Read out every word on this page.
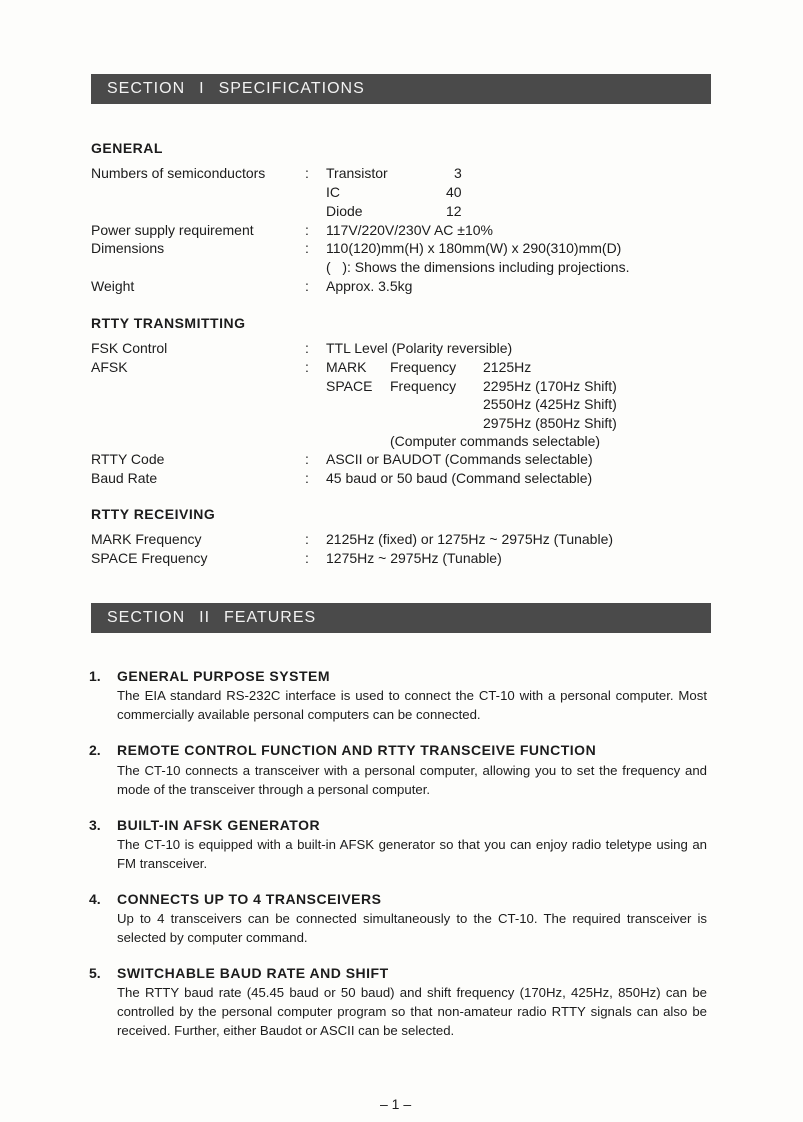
SECTION I SPECIFICATIONS
GENERAL
Numbers of semiconductors	: Transistor	3
IC	40
Diode	12
Power supply requirement	: 117V/220V/230V AC ±10%
Dimensions	: 110(120)mm(H) x 180mm(W) x 290(310)mm(D)
(   ): Shows the dimensions including projections.
Weight	: Approx. 3.5kg
RTTY TRANSMITTING
FSK Control	: TTL Level (Polarity reversible)
AFSK	: MARK Frequency 2125Hz
SPACE Frequency 2295Hz (170Hz Shift)
2550Hz (425Hz Shift)
2975Hz (850Hz Shift)
(Computer commands selectable)
RTTY Code	: ASCII or BAUDOT (Commands selectable)
Baud Rate	: 45 baud or 50 baud (Command selectable)
RTTY RECEIVING
MARK Frequency	: 2125Hz (fixed) or 1275Hz ~ 2975Hz (Tunable)
SPACE Frequency	: 1275Hz ~ 2975Hz (Tunable)
SECTION II FEATURES
1. GENERAL PURPOSE SYSTEM
The EIA standard RS-232C interface is used to connect the CT-10 with a personal computer. Most commercially available personal computers can be connected.
2. REMOTE CONTROL FUNCTION AND RTTY TRANSCEIVE FUNCTION
The CT-10 connects a transceiver with a personal computer, allowing you to set the frequency and mode of the transceiver through a personal computer.
3. BUILT-IN AFSK GENERATOR
The CT-10 is equipped with a built-in AFSK generator so that you can enjoy radio teletype using an FM transceiver.
4. CONNECTS UP TO 4 TRANSCEIVERS
Up to 4 transceivers can be connected simultaneously to the CT-10. The required transceiver is selected by computer command.
5. SWITCHABLE BAUD RATE AND SHIFT
The RTTY baud rate (45.45 baud or 50 baud) and shift frequency (170Hz, 425Hz, 850Hz) can be controlled by the personal computer program so that non-amateur radio RTTY signals can also be received. Further, either Baudot or ASCII can be selected.
– 1 –
